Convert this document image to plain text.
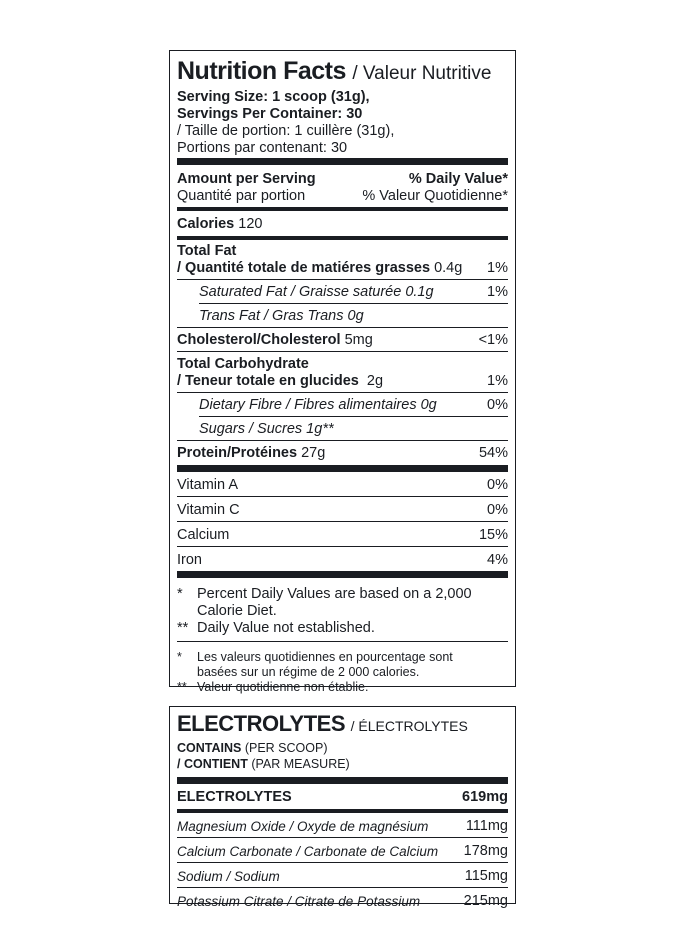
Nutrition Facts / Valeur Nutritive
Serving Size: 1 scoop (31g),
Servings Per Container: 30
/ Taille de portion: 1 cuillère (31g),
Portions par contenant: 30
Amount per Serving	% Daily Value*
Quantité par portion	% Valeur Quotidienne*
Calories 120
Total Fat
/ Quantité totale de matiéres grasses 0.4g 1%
Saturated Fat / Graisse saturée 0.1g	1%
Trans Fat / Gras Trans 0g
Cholesterol/Cholesterol 5mg	<1%
Total Carbohydrate
/ Teneur totale en glucides 2g	1%
Dietary Fibre / Fibres alimentaires 0g	0%
Sugars / Sucres 1g**
Protein/Protéines 27g	54%
Vitamin A	0%
Vitamin C	0%
Calcium	15%
Iron	4%
* Percent Daily Values are based on a 2,000 Calorie Diet.
** Daily Value not established.
*	Les valeurs quotidiennes en pourcentage sont basées sur un régime de 2 000 calories.
** Valeur quotidienne non établie.
ELECTROLYTES / ÉLECTROLYTES
CONTAINS (PER SCOOP)
/ CONTIENT (PAR MEASURE)
ELECTROLYTES	619mg
Magnesium Oxide / Oxyde de magnésium	111mg
Calcium Carbonate / Carbonate de Calcium 178mg
Sodium / Sodium	115mg
Potassium Citrate / Citrate de Potassium	215mg
